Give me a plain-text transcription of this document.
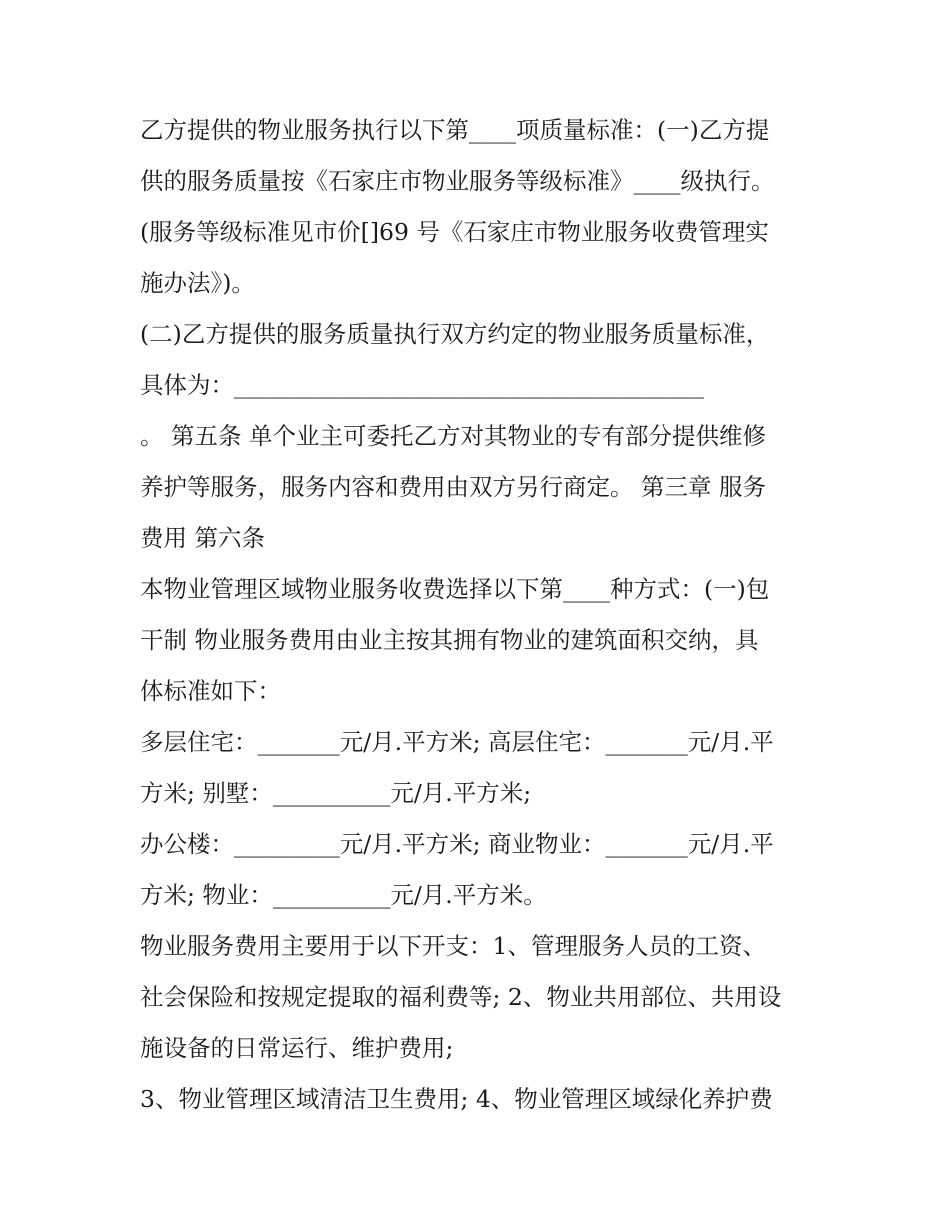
乙方提供的物业服务执行以下第____项质量标准：(一)乙方提
供的服务质量按《石家庄市物业服务等级标准》____级执行。
(服务等级标准见市价[]69 号《石家庄市物业服务收费管理实
施办法》)。
(二)乙方提供的服务质量执行双方约定的物业服务质量标准，
具体为：________________________________________
。 第五条 单个业主可委托乙方对其物业的专有部分提供维修
养护等服务，服务内容和费用由双方另行商定。 第三章 服务
费用 第六条
本物业管理区域物业服务收费选择以下第____种方式：(一)包
干制 物业服务费用由业主按其拥有物业的建筑面积交纳，具
体标准如下：
多层住宅：_______元/月.平方米; 高层住宅：_______元/月.平
方米; 别墅：__________元/月.平方米;
办公楼：_________元/月.平方米; 商业物业：_______元/月.平
方米; 物业：__________元/月.平方米。
物业服务费用主要用于以下开支：1、管理服务人员的工资、
社会保险和按规定提取的福利费等; 2、物业共用部位、共用设
施设备的日常运行、维护费用;
3、物业管理区域清洁卫生费用; 4、物业管理区域绿化养护费
